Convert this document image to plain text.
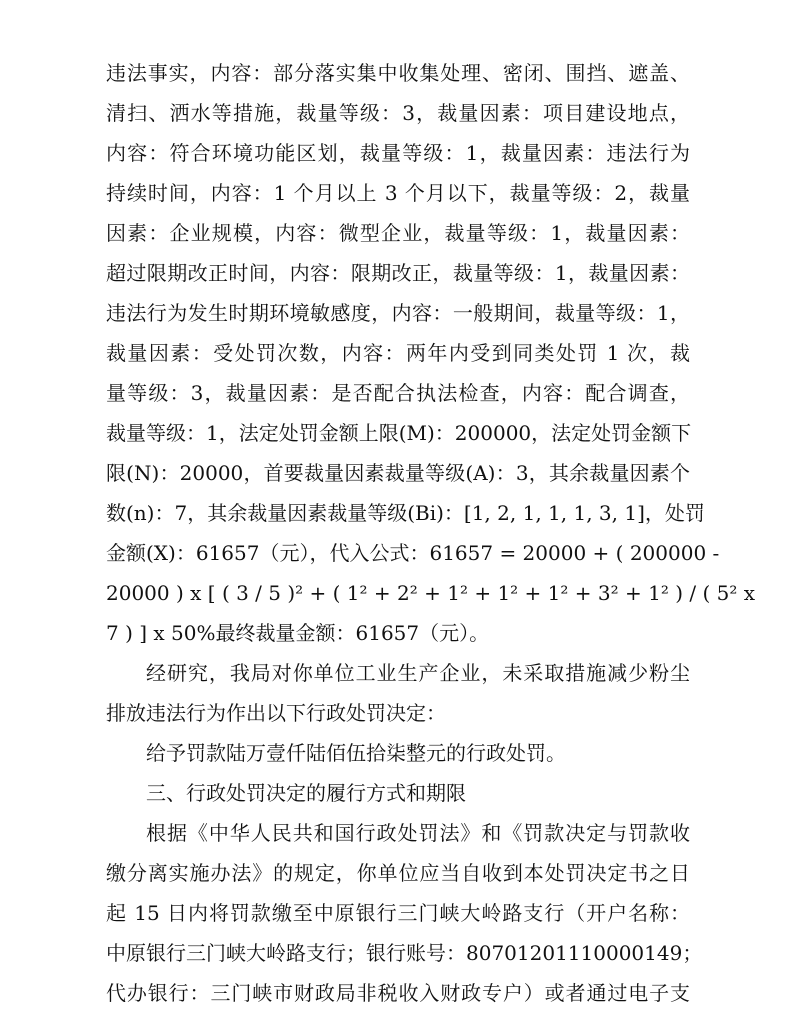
违法事实，内容：部分落实集中收集处理、密闭、围挡、遮盖、
清扫、洒水等措施，裁量等级：3，裁量因素：项目建设地点，
内容：符合环境功能区划，裁量等级：1，裁量因素：违法行为
持续时间，内容：1 个月以上 3 个月以下，裁量等级：2，裁量
因素：企业规模，内容：微型企业，裁量等级：1，裁量因素：
超过限期改正时间，内容：限期改正，裁量等级：1，裁量因素：
违法行为发生时期环境敏感度，内容：一般期间，裁量等级：1，
裁量因素：受处罚次数，内容：两年内受到同类处罚 1 次，裁
量等级：3，裁量因素：是否配合执法检查，内容：配合调查，
裁量等级：1，法定处罚金额上限(M)：200000，法定处罚金额下
限(N)：20000，首要裁量因素裁量等级(A)：3，其余裁量因素个
数(n)：7，其余裁量因素裁量等级(Bi)：[1, 2, 1, 1, 1, 3, 1]，处罚
金额(X)：61657（元），代入公式：61657 = 20000 + ( 200000 -
20000 ) x [ ( 3 / 5 )² + ( 1² + 2² + 1² + 1² + 1² + 3² + 1² ) / ( 5² x
7 ) ] x 50%最终裁量金额：61657（元）。
经研究，我局对你单位工业生产企业，未采取措施减少粉尘
排放违法行为作出以下行政处罚决定：
给予罚款陆万壹仟陆佰伍拾柒整元的行政处罚。
三、行政处罚决定的履行方式和期限
根据《中华人民共和国行政处罚法》和《罚款决定与罚款收
缴分离实施办法》的规定，你单位应当自收到本处罚决定书之日
起 15 日内将罚款缴至中原银行三门峡大岭路支行（开户名称：
中原银行三门峡大岭路支行；银行账号：80701201110000149；
代办银行：三门峡市财政局非税收入财政专户）或者通过电子支
